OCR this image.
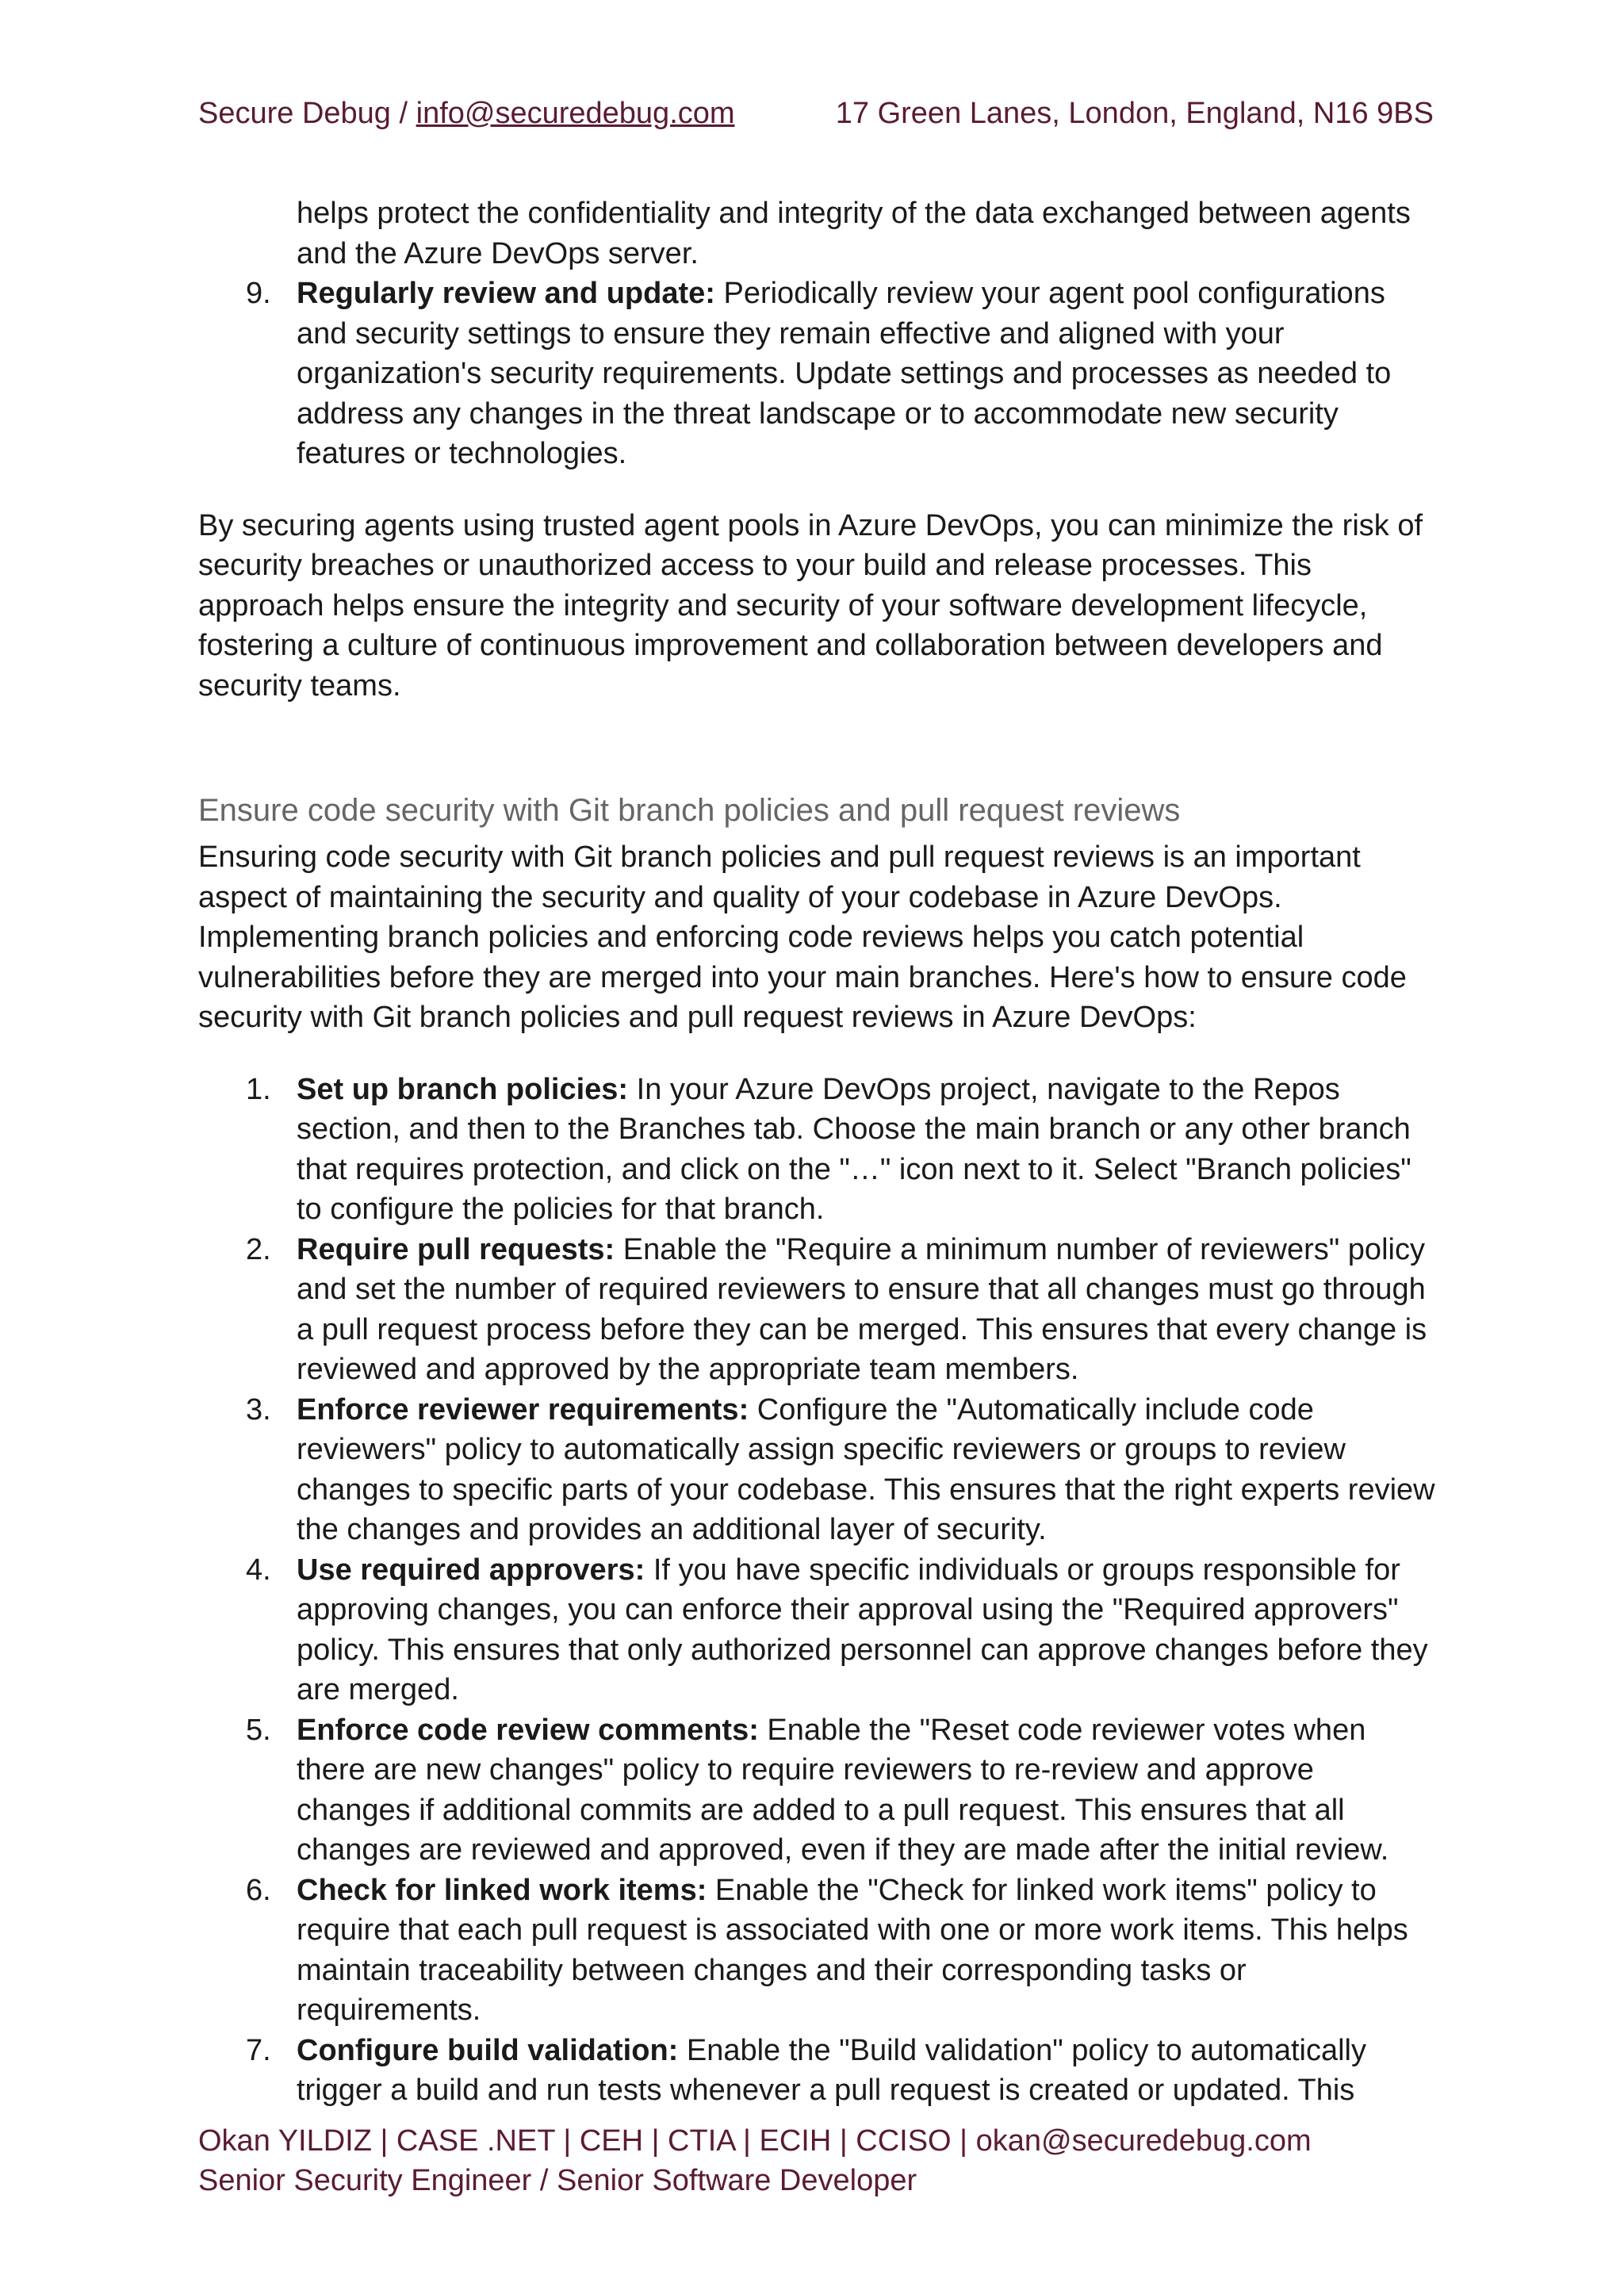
Secure Debug / info@securedebug.com	17 Green Lanes, London, England, N16 9BS

helps protect the confidentiality and integrity of the data exchanged between agents and the Azure DevOps server.

9. Regularly review and update: Periodically review your agent pool configurations and security settings to ensure they remain effective and aligned with your organization's security requirements. Update settings and processes as needed to address any changes in the threat landscape or to accommodate new security features or technologies.

By securing agents using trusted agent pools in Azure DevOps, you can minimize the risk of security breaches or unauthorized access to your build and release processes. This approach helps ensure the integrity and security of your software development lifecycle, fostering a culture of continuous improvement and collaboration between developers and security teams.

Ensure code security with Git branch policies and pull request reviews

Ensuring code security with Git branch policies and pull request reviews is an important aspect of maintaining the security and quality of your codebase in Azure DevOps. Implementing branch policies and enforcing code reviews helps you catch potential vulnerabilities before they are merged into your main branches. Here's how to ensure code security with Git branch policies and pull request reviews in Azure DevOps:

1. Set up branch policies: In your Azure DevOps project, navigate to the Repos section, and then to the Branches tab. Choose the main branch or any other branch that requires protection, and click on the "…" icon next to it. Select "Branch policies" to configure the policies for that branch.
2. Require pull requests: Enable the "Require a minimum number of reviewers" policy and set the number of required reviewers to ensure that all changes must go through a pull request process before they can be merged. This ensures that every change is reviewed and approved by the appropriate team members.
3. Enforce reviewer requirements: Configure the "Automatically include code reviewers" policy to automatically assign specific reviewers or groups to review changes to specific parts of your codebase. This ensures that the right experts review the changes and provides an additional layer of security.
4. Use required approvers: If you have specific individuals or groups responsible for approving changes, you can enforce their approval using the "Required approvers" policy. This ensures that only authorized personnel can approve changes before they are merged.
5. Enforce code review comments: Enable the "Reset code reviewer votes when there are new changes" policy to require reviewers to re-review and approve changes if additional commits are added to a pull request. This ensures that all changes are reviewed and approved, even if they are made after the initial review.
6. Check for linked work items: Enable the "Check for linked work items" policy to require that each pull request is associated with one or more work items. This helps maintain traceability between changes and their corresponding tasks or requirements.
7. Configure build validation: Enable the "Build validation" policy to automatically trigger a build and run tests whenever a pull request is created or updated. This
Okan YILDIZ | CASE .NET | CEH | CTIA | ECIH | CCISO | okan@securedebug.com
Senior Security Engineer / Senior Software Developer
